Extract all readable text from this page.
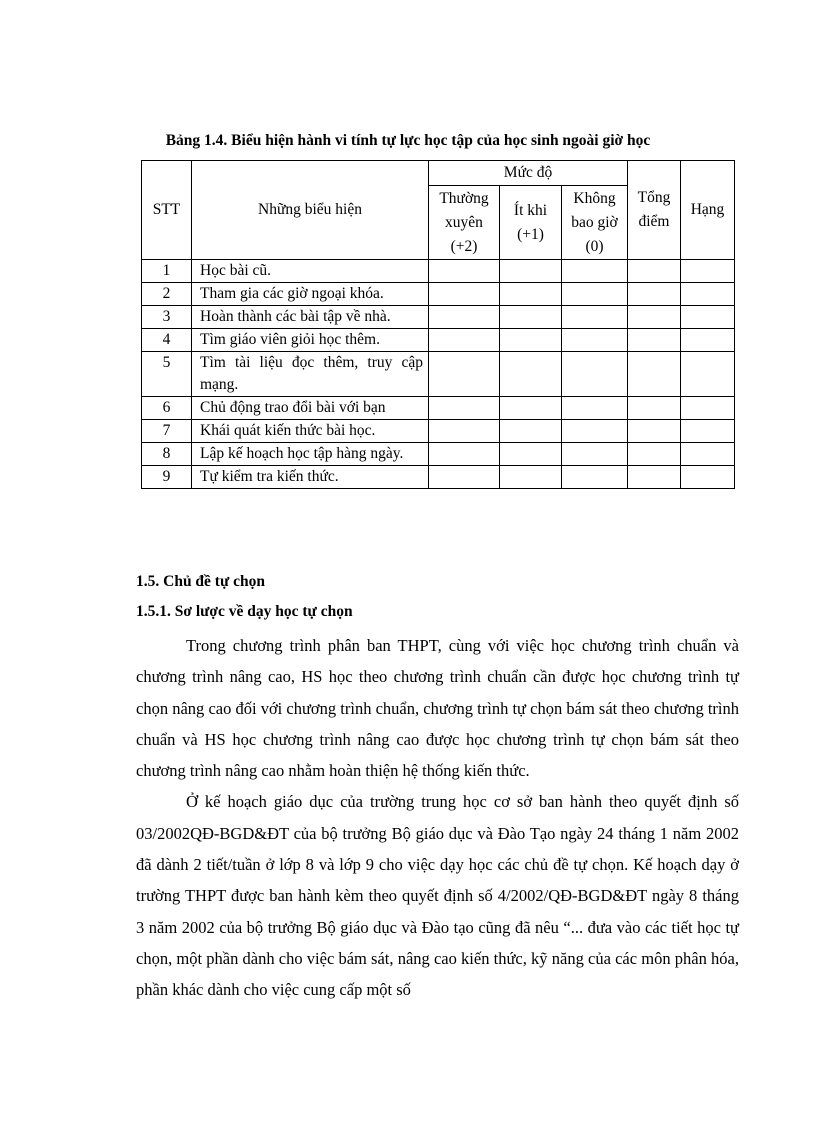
Bảng 1.4. Biểu hiện hành vi tính tự lực học tập của học sinh ngoài giờ học
STT	Những biểu hiện	Mức độ			Tổng điểm	Hạng
		Thường xuyên (+2)	Ít khi (+1)	Không bao giờ (0)		
1	Học bài cũ.					
2	Tham gia các giờ ngoại khóa.					
3	Hoàn thành các bài tập về nhà.					
4	Tìm giáo viên giỏi học thêm.					
5	Tìm tài liệu đọc thêm, truy cập mạng.					
6	Chủ động trao đổi bài với bạn					
7	Khái quát kiến thức bài học.					
8	Lập kế hoạch học tập hàng ngày.					
9	Tự kiểm tra kiến thức.					
1.5. Chủ đề tự chọn
1.5.1. Sơ lược về dạy học tự chọn

Trong chương trình phân ban THPT, cùng với việc học chương trình chuẩn và chương trình nâng cao, HS học theo chương trình chuẩn cần được học chương trình tự chọn nâng cao đối với chương trình chuẩn, chương trình tự chọn bám sát theo chương trình chuẩn và HS học chương trình nâng cao được học chương trình tự chọn bám sát theo chương trình nâng cao nhằm hoàn thiện hệ thống kiến thức.

Ở kế hoạch giáo dục của trường trung học cơ sở ban hành theo quyết định số 03/2002QĐ-BGD&ĐT của bộ trưởng Bộ giáo dục và Đào Tạo ngày 24 tháng 1 năm 2002 đã dành 2 tiết/tuần ở lớp 8 và lớp 9 cho việc dạy học các chủ đề tự chọn. Kế hoạch dạy ở trường THPT được ban hành kèm theo quyết định số 4/2002/QĐ-BGD&ĐT ngày 8 tháng 3 năm 2002 của bộ trưởng Bộ giáo dục và Đào tạo cũng đã nêu “... đưa vào các tiết học tự chọn, một phần dành cho việc bám sát, nâng cao kiến thức, kỹ năng của các môn phân hóa, phần khác dành cho việc cung cấp một số
